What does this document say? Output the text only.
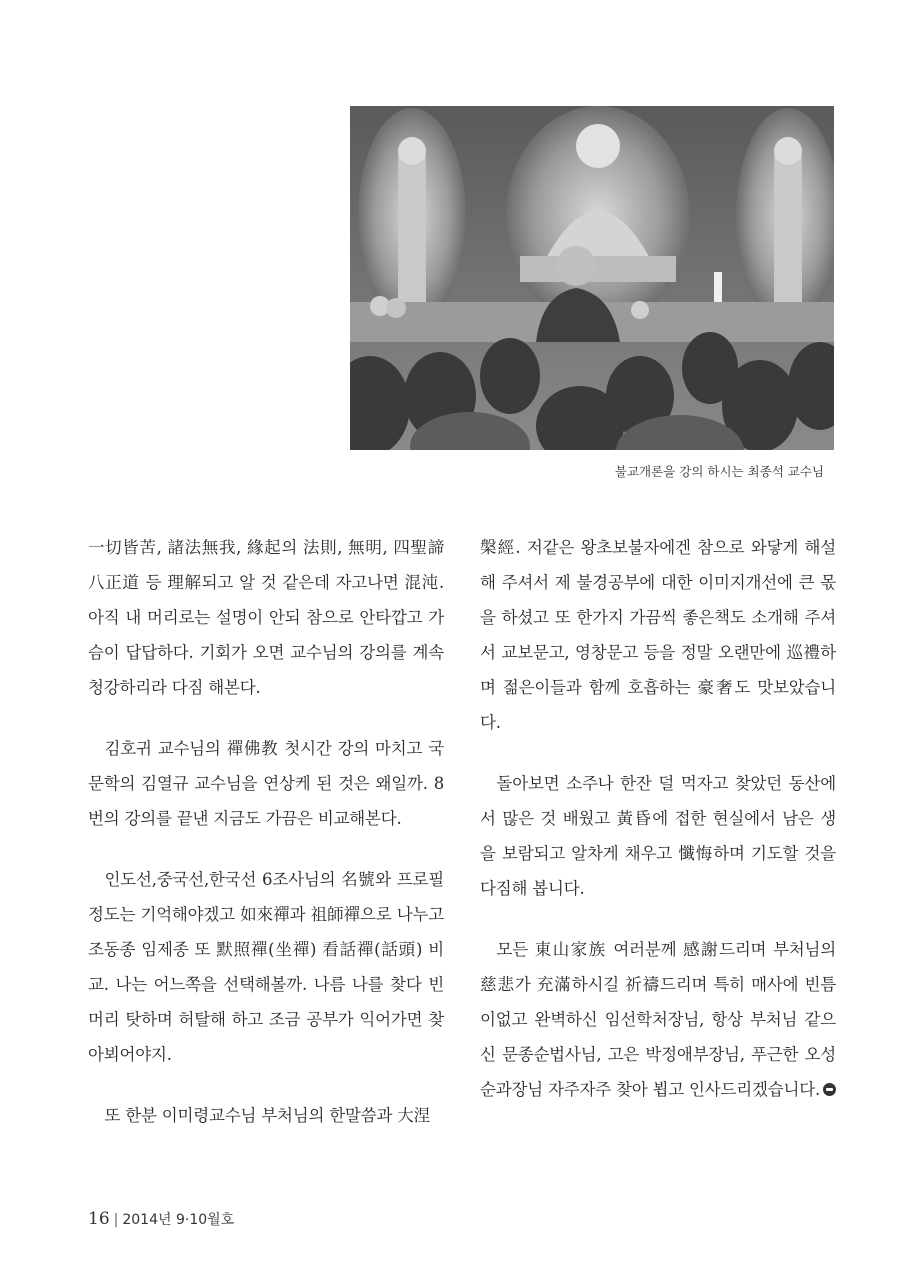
불교개론을 강의 하시는 최종석 교수님

一切皆苦, 諸法無我, 緣起의 法則, 無明, 四聖諦 八正道 등 理解되고 알 것 같은데 자고나면 混沌. 아직 내 머리로는 설명이 안되 참으로 안타깝고 가슴이 답답하다. 기회가 오면 교수님의 강의를 계속 청강하리라 다짐 해본다.

김호귀 교수님의 禪佛教 첫시간 강의 마치고 국문학의 김열규 교수님을 연상케 된 것은 왜일까. 8번의 강의를 끝낸 지금도 가끔은 비교해본다.

인도선,중국선,한국선 6조사님의 名號와 프로필정도는 기억해야겠고 如來禪과 祖師禪으로 나누고 조동종 임제종 또 默照禪(坐禪) 看話禪(話頭) 비교. 나는 어느쪽을 선택해볼까. 나름 나를 찾다 빈머리 탓하며 허탈해 하고 조금 공부가 익어가면 찾아뵈어야지.

또 한분 이미령교수님 부처님의 한말씀과 大涅

槃經. 저같은 왕초보불자에겐 참으로 와닿게 해설해 주셔서 제 불경공부에 대한 이미지개선에 큰 몫을 하셨고 또 한가지 가끔씩 좋은책도 소개해 주셔서 교보문고, 영창문고 등을 정말 오랜만에 巡禮하며 젊은이들과 함께 호흡하는 豪奢도 맛보았습니다.

돌아보면 소주나 한잔 덜 먹자고 찾았던 동산에서 많은 것 배웠고 黃昏에 접한 현실에서 남은 생을 보람되고 알차게 채우고 懺悔하며 기도할 것을 다짐해 봅니다.

모든 東山家族 여러분께 感謝드리며 부처님의 慈悲가 充滿하시길 祈禱드리며 특히 매사에 빈틈이없고 완벽하신 임선학처장님, 항상 부처님 같으신 문종순법사님, 고은 박정애부장님, 푸근한 오성순과장님 자주자주 찾아 뵙고 인사드리겠습니다.

16 | 2014년 9·10월호
